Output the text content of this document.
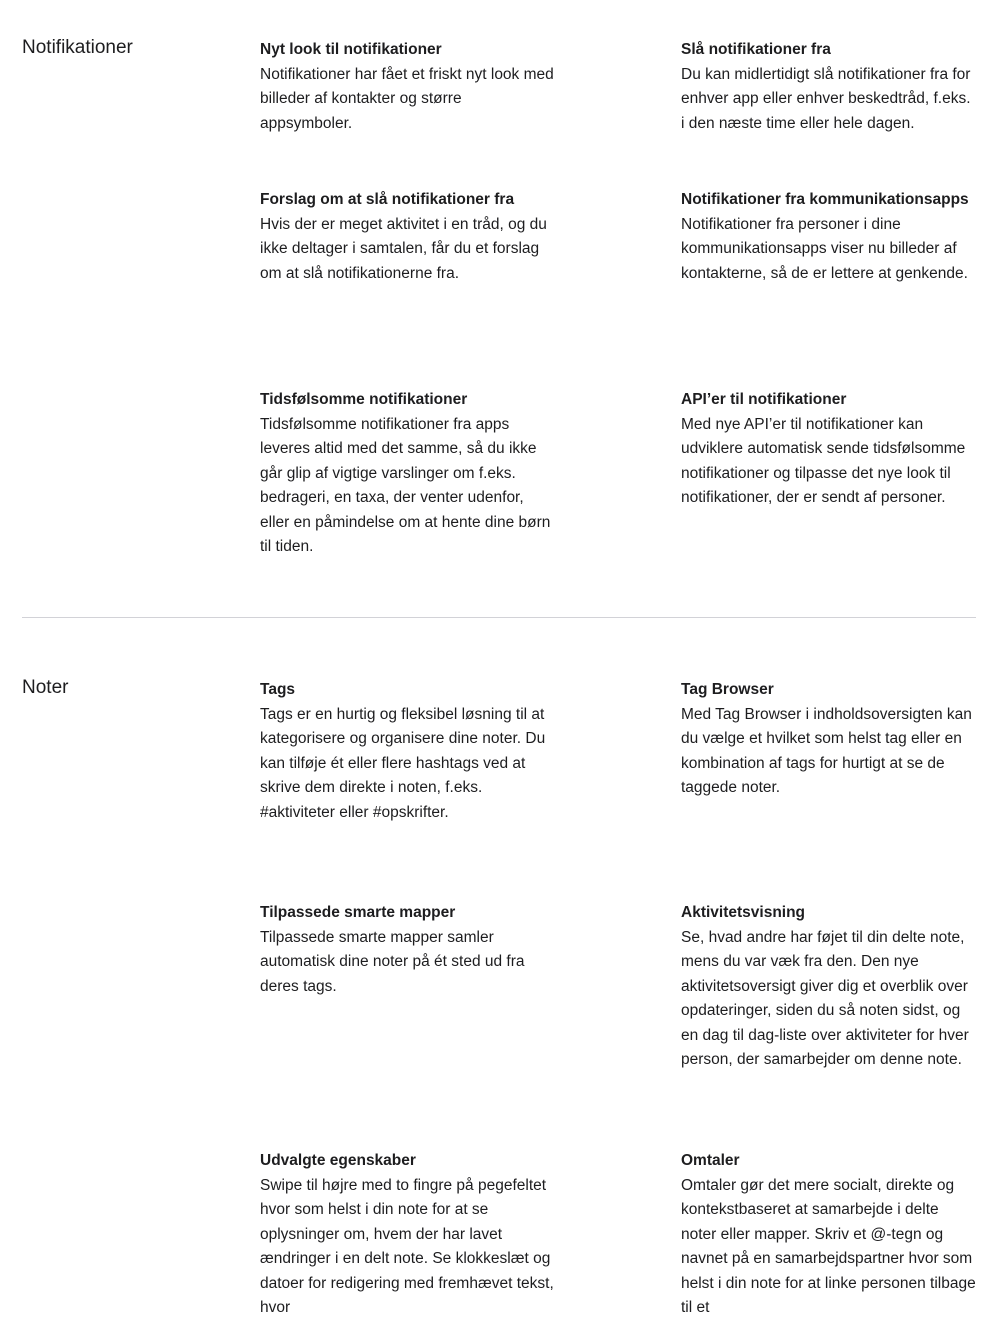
Notifikationer	Nyt look til notifikationer

Notifikationer har fået et friskt nyt look med billeder af kontakter og større appsymboler.

Slå notifikationer fra

Du kan midlertidigt slå notifikationer fra for enhver app eller enhver beskedtråd, f.eks. i den næste time eller hele dagen.

Forslag om at slå notifikationer fra

Hvis der er meget aktivitet i en tråd, og du ikke deltager i samtalen, får du et forslag om at slå notifikationerne fra.

Notifikationer fra kommunikationsapps

Notifikationer fra personer i dine kommunikationsapps viser nu billeder af kontakterne, så de er lettere at genkende.

Tidsfølsomme notifikationer

Tidsfølsomme notifikationer fra apps leveres altid med det samme, så du ikke går glip af vigtige varslinger om f.eks. bedrageri, en taxa, der venter udenfor, eller en påmindelse om at hente dine børn til tiden.

API’er til notifikationer

Med nye API’er til notifikationer kan udviklere automatisk sende tidsfølsomme notifikationer og tilpasse det nye look til notifikationer, der er sendt af personer.

Noter	Tags

Tags er en hurtig og fleksibel løsning til at kategorisere og organisere dine noter. Du kan tilføje ét eller flere hashtags ved at skrive dem direkte i noten, f.eks. #aktiviteter eller #opskrifter.

Tag Browser

Med Tag Browser i indholdsoversigten kan du vælge et hvilket som helst tag eller en kombination af tags for hurtigt at se de taggede noter.

Tilpassede smarte mapper

Tilpassede smarte mapper samler automatisk dine noter på ét sted ud fra deres tags.

Aktivitetsvisning

Se, hvad andre har føjet til din delte note, mens du var væk fra den. Den nye aktivitetsoversigt giver dig et overblik over opdateringer, siden du så noten sidst, og en dag til dag-liste over aktiviteter for hver person, der samarbejder om denne note.

Udvalgte egenskaber

Swipe til højre med to fingre på pegefeltet hvor som helst i din note for at se oplysninger om, hvem der har lavet ændringer i en delt note. Se klokkeslæt og datoer for redigering med fremhævet tekst, hvor

Omtaler

Omtaler gør det mere socialt, direkte og kontekstbaseret at samarbejde i delte noter eller mapper. Skriv et @-tegn og navnet på en samarbejdspartner hvor som helst i din note for at linke personen tilbage til et
